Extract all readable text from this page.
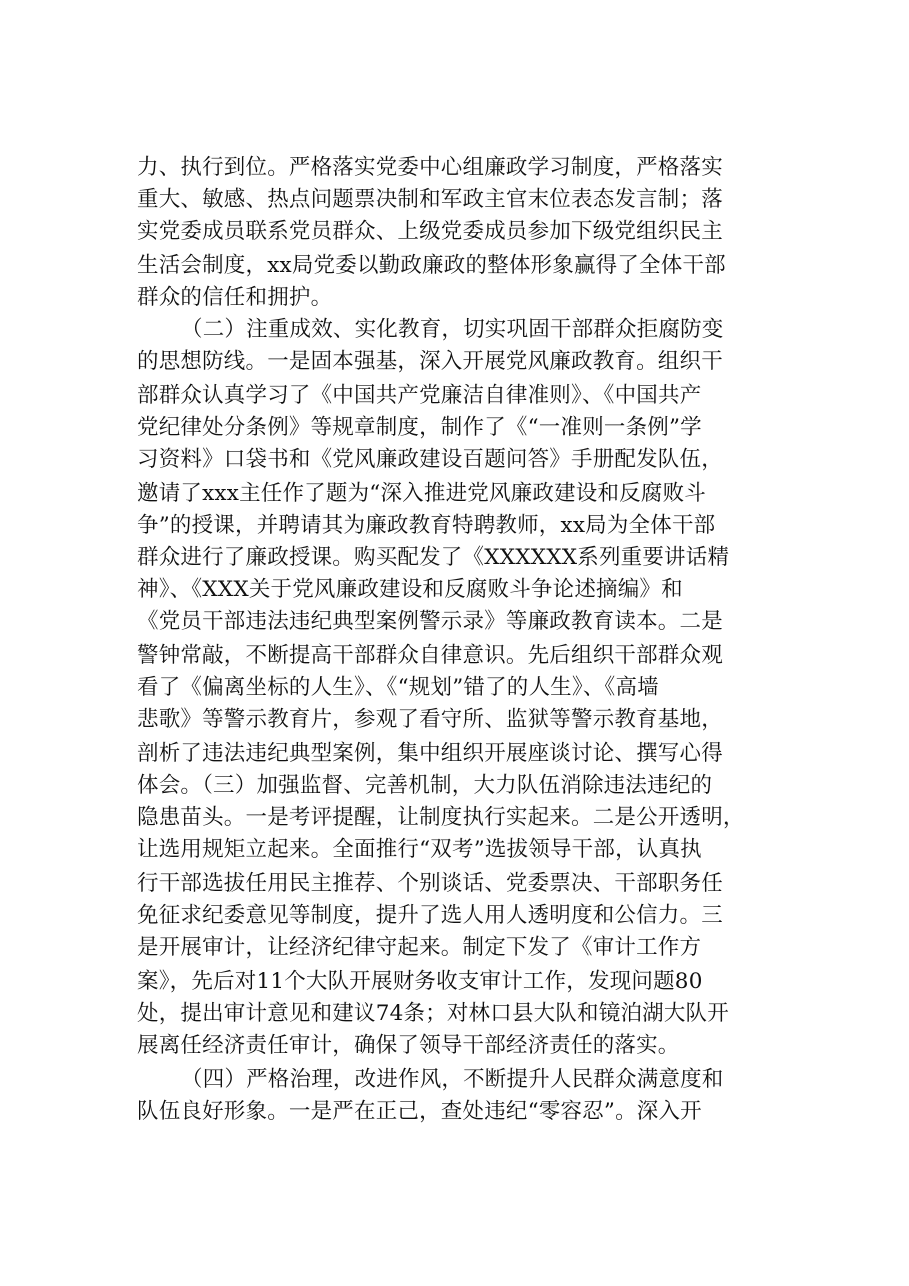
力、执行到位。严格落实党委中心组廉政学习制度，严格落实
重大、敏感、热点问题票决制和军政主官末位表态发言制；落
实党委成员联系党员群众、上级党委成员参加下级党组织民主
生活会制度，xx局党委以勤政廉政的整体形象赢得了全体干部
群众的信任和拥护。
（二）注重成效、实化教育，切实巩固干部群众拒腐防变
的思想防线。一是固本强基，深入开展党风廉政教育。组织干
部群众认真学习了《中国共产党廉洁自律准则》、《中国共产
党纪律处分条例》等规章制度，制作了《“一准则一条例”学
习资料》口袋书和《党风廉政建设百题问答》手册配发队伍，
邀请了xxx主任作了题为“深入推进党风廉政建设和反腐败斗
争”的授课，并聘请其为廉政教育特聘教师，xx局为全体干部
群众进行了廉政授课。购买配发了《XXXXXX系列重要讲话精
神》、《XXX关于党风廉政建设和反腐败斗争论述摘编》和
《党员干部违法违纪典型案例警示录》等廉政教育读本。二是
警钟常敲，不断提高干部群众自律意识。先后组织干部群众观
看了《偏离坐标的人生》、《“规划”错了的人生》、《高墙
悲歌》等警示教育片，参观了看守所、监狱等警示教育基地，
剖析了违法违纪典型案例，集中组织开展座谈讨论、撰写心得
体会。（三）加强监督、完善机制，大力队伍消除违法违纪的
隐患苗头。一是考评提醒，让制度执行实起来。二是公开透明，
让选用规矩立起来。全面推行“双考”选拔领导干部，认真执
行干部选拔任用民主推荐、个别谈话、党委票决、干部职务任
免征求纪委意见等制度，提升了选人用人透明度和公信力。三
是开展审计，让经济纪律守起来。制定下发了《审计工作方
案》，先后对11个大队开展财务收支审计工作，发现问题80
处，提出审计意见和建议74条；对林口县大队和镜泊湖大队开
展离任经济责任审计，确保了领导干部经济责任的落实。
（四）严格治理，改进作风，不断提升人民群众满意度和
队伍良好形象。一是严在正己，查处违纪“零容忍”。深入开
